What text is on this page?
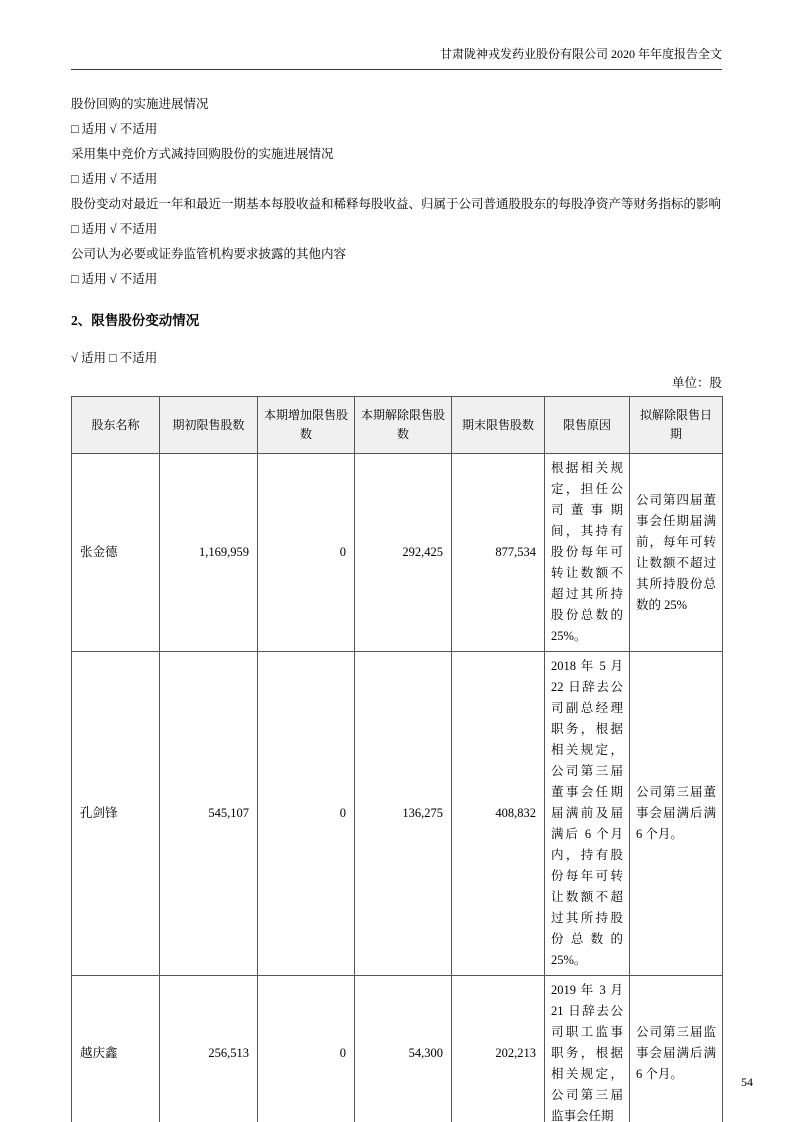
甘肃陇神戎发药业股份有限公司 2020 年年度报告全文

股份回购的实施进展情况

□ 适用 √ 不适用

采用集中竞价方式减持回购股份的实施进展情况

□ 适用 √ 不适用

股份变动对最近一年和最近一期基本每股收益和稀释每股收益、归属于公司普通股股东的每股净资产等财务指标的影响

□ 适用 √ 不适用

公司认为必要或证券监管机构要求披露的其他内容

□ 适用 √ 不适用

2、限售股份变动情况

√ 适用 □ 不适用

单位：股

股东名称	期初限售股数	本期增加限售股数	本期解除限售股数	期末限售股数	限售原因	拟解除限售日期
张金德	1,169,959	0	292,425	877,534	根据相关规定，担任公司董事期间，其持有股份每年可转让数额不超过其所持股份总数的25%。	公司第四届董事会任期届满前，每年可转让数额不超过其所持股份总数的 25%
孔剑锋	545,107	0	136,275	408,832	2018 年 5 月 22 日辞去公司副总经理职务，根据相关规定，公司第三届董事会任期届满前及届满后 6 个月内，持有股份每年可转让数额不超过其所持股份总数的25%。	公司第三届董事会届满后满 6 个月。
越庆鑫	256,513	0	54,300	202,213	2019 年 3 月 21 日辞去公司职工监事职务，根据相关规定，公司第三届监事会任期	公司第三届监事会届满后满 6 个月。
54
